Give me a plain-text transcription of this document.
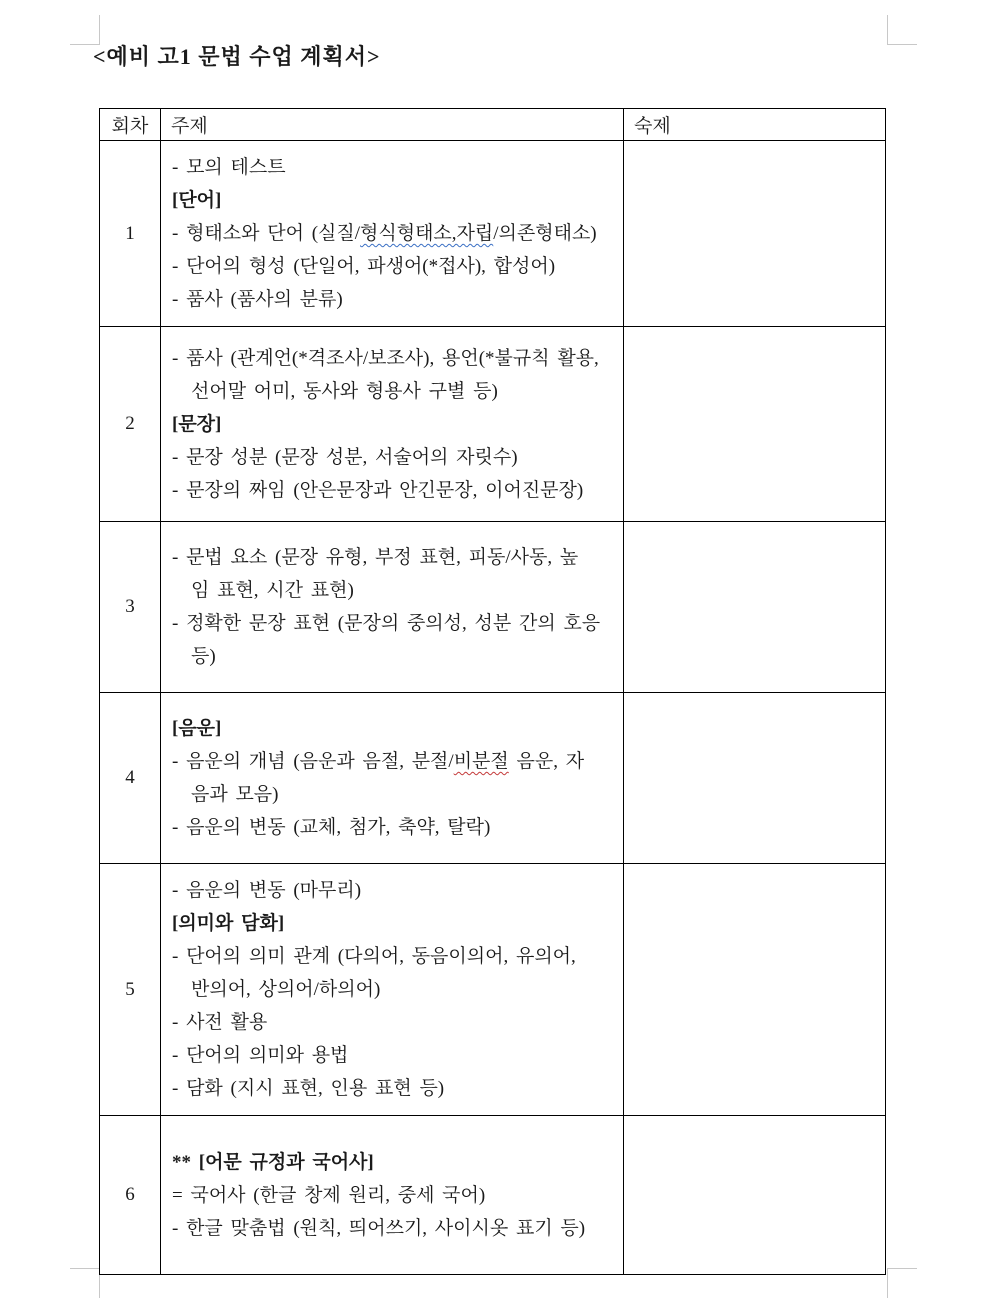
<예비 고1 문법 수업 계획서>
회차	주제	숙제
1	- 모의 테스트
[단어]
- 형태소와 단어 (실질/형식형태소,자립/의존형태소)
- 단어의 형성 (단일어, 파생어(*접사), 합성어)
- 품사 (품사의 분류)	

2	- 품사 (관계언(*격조사/보조사), 용언(*불규칙 활용,
선어말 어미, 동사와 형용사 구별 등)
[문장]
- 문장 성분 (문장 성분, 서술어의 자릿수)
- 문장의 짜임 (안은문장과 안긴문장, 이어진문장)	

3	- 문법 요소 (문장 유형, 부정 표현, 피동/사동, 높
임 표현, 시간 표현)
- 정확한 문장 표현 (문장의 중의성, 성분 간의 호응
등)	

4	[음운]
- 음운의 개념 (음운과 음절, 분절/비분절 음운, 자
음과 모음)
- 음운의 변동 (교체, 첨가, 축약, 탈락)	

5	
- 음운의 변동 (마무리)
[의미와 담화]
- 단어의 의미 관계 (다의어, 동음이의어, 유의어,
반의어, 상의어/하의어)
- 사전 활용
- 단어의 의미와 용법
- 담화 (지시 표현, 인용 표현 등)

6	** [어문 규정과 국어사]
= 국어사 (한글 창제 원리, 중세 국어)
- 한글 맞춤법 (원칙, 띄어쓰기, 사이시옷 표기 등)	
